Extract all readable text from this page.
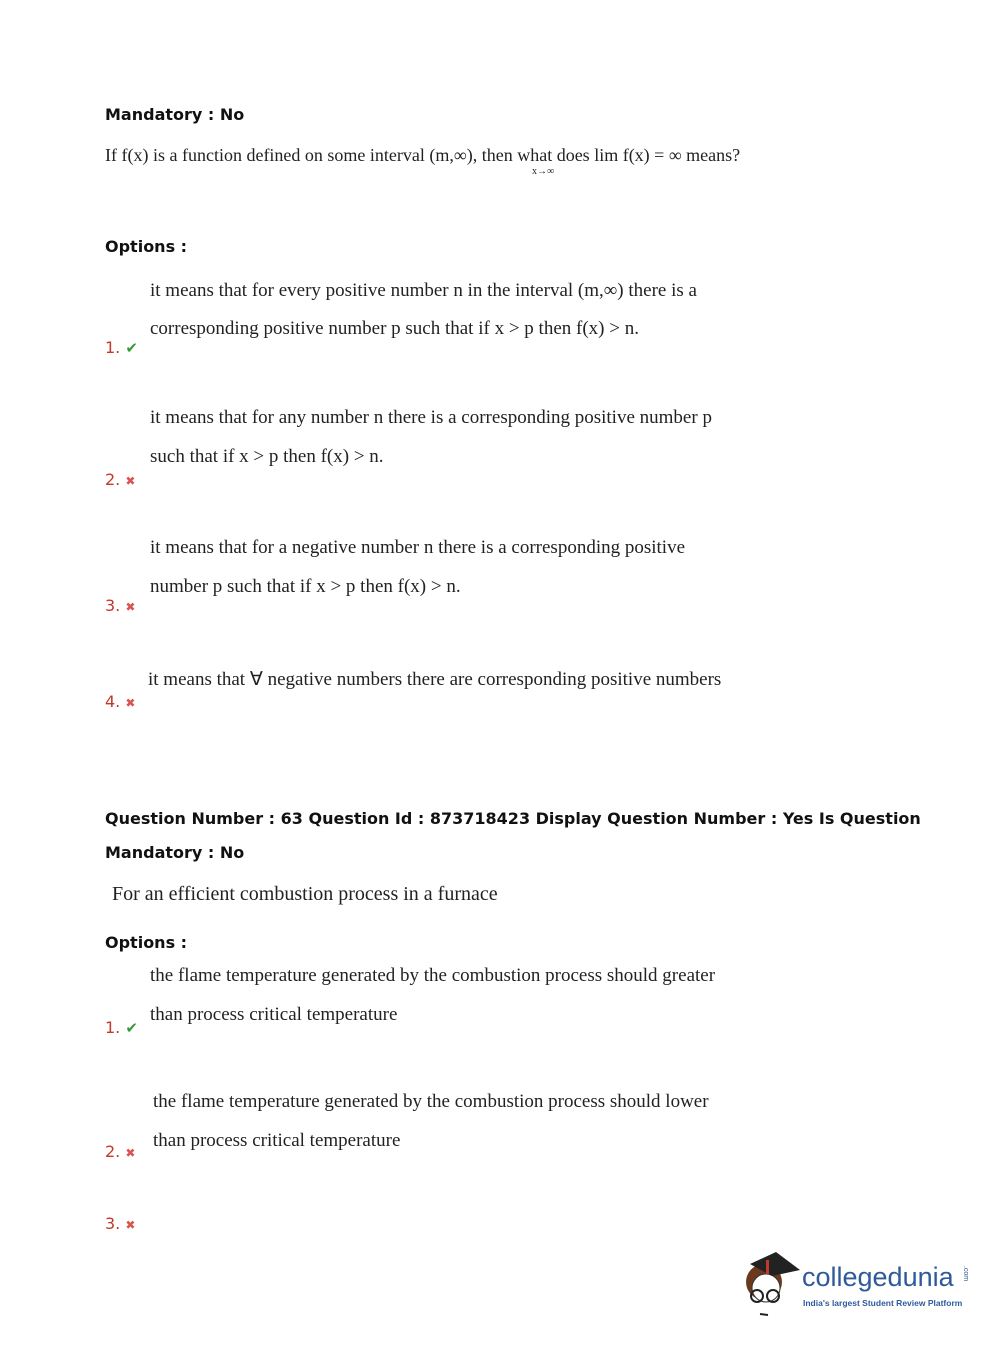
Mandatory : No
If f(x) is a function defined on some interval (m,∞), then what does lim f(x) = ∞ means?
x→∞
Options :
it means that for every positive number n in the interval (m,∞) there is a
corresponding positive number p such that if x > p then f(x) > n.
1. ✔
it means that for any number n there is a corresponding positive number p
such that if x > p then f(x) > n.
2. ✖
it means that for a negative number n there is a corresponding positive
number p such that if x > p then f(x) > n.
3. ✖
it means that ∀ negative numbers there are corresponding positive numbers
4. ✖
Question Number : 63 Question Id : 873718423 Display Question Number : Yes Is Question
Mandatory : No
For an efficient combustion process in a furnace
Options :
the flame temperature generated by the combustion process should greater
than process critical temperature
1. ✔
the flame temperature generated by the combustion process should lower
than process critical temperature
2. ✖
3. ✖
collegedunia .com
India's largest Student Review Platform
